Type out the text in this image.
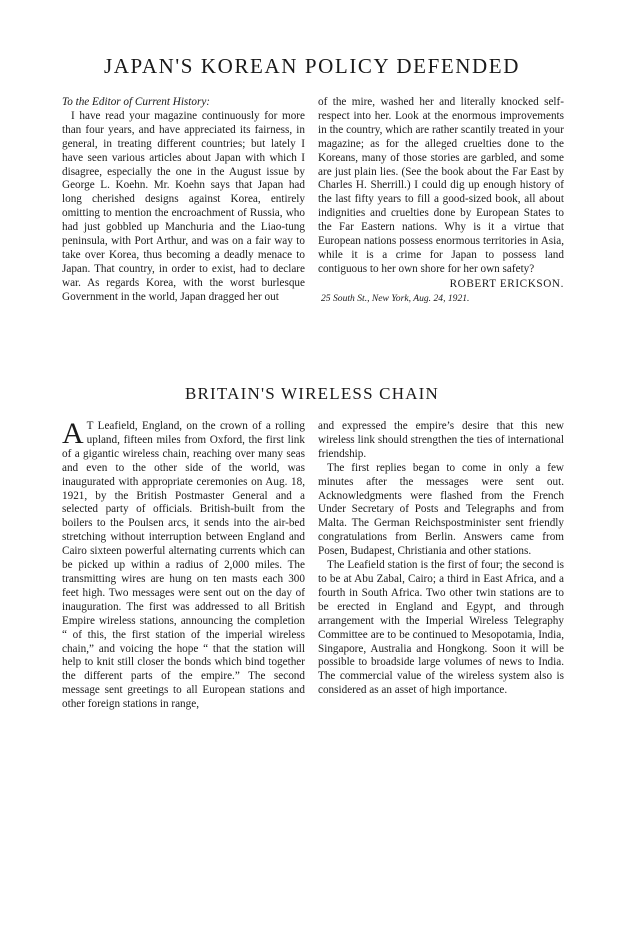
JAPAN'S KOREAN POLICY DEFENDED

To the Editor of Current History:

I have read your magazine continuously for more than four years, and have appreciated its fairness, in general, in treating different countries; but lately I have seen various articles about Japan with which I disagree, especially the one in the August issue by George L. Koehn. Mr. Koehn says that Japan had long cherished designs against Korea, entirely omitting to mention the encroachment of Russia, who had just gobbled up Manchuria and the Liao-tung peninsula, with Port Arthur, and was on a fair way to take over Korea, thus becoming a deadly menace to Japan. That country, in order to exist, had to declare war. As regards Korea, with the worst burlesque Government in the world, Japan dragged her out

of the mire, washed her and literally knocked self-respect into her. Look at the enormous improvements in the country, which are rather scantily treated in your magazine; as for the alleged cruelties done to the Koreans, many of those stories are garbled, and some are just plain lies. (See the book about the Far East by Charles H. Sherrill.) I could dig up enough history of the last fifty years to fill a good-sized book, all about indignities and cruelties done by European States to the Far Eastern nations. Why is it a virtue that European nations possess enormous territories in Asia, while it is a crime for Japan to possess land contiguous to her own shore for her own safety?

ROBERT ERICKSON.
25 South St., New York, Aug. 24, 1921.
BRITAIN'S WIRELESS CHAIN

A T Leafield, England, on the crown of a rolling upland, fifteen miles from Oxford, the first link of a gigantic wireless chain, reaching over many seas and even to the other side of the world, was inaugurated with appropriate ceremonies on Aug. 18, 1921, by the British Postmaster General and a selected party of officials. British-built from the boilers to the Poulsen arcs, it sends into the air-bed stretching without interruption between England and Cairo sixteen powerful alternating currents which can be picked up within a radius of 2,000 miles. The transmitting wires are hung on ten masts each 300 feet high. Two messages were sent out on the day of inauguration. The first was addressed to all British Empire wireless stations, announcing the completion “ of this, the first station of the imperial wireless chain,” and voicing the hope “ that the station will help to knit still closer the bonds which bind together the different parts of the empire.” The second message sent greetings to all European stations and other foreign stations in range,

and expressed the empire’s desire that this new wireless link should strengthen the ties of international friendship.

The first replies began to come in only a few minutes after the messages were sent out. Acknowledgments were flashed from the French Under Secretary of Posts and Telegraphs and from Malta. The German Reichspostminister sent friendly congratulations from Berlin. Answers came from Posen, Budapest, Christiania and other stations.

The Leafield station is the first of four; the second is to be at Abu Zabal, Cairo; a third in East Africa, and a fourth in South Africa. Two other twin stations are to be erected in England and Egypt, and through arrangement with the Imperial Wireless Telegraphy Committee are to be continued to Mesopotamia, India, Singapore, Australia and Hongkong. Soon it will be possible to broadside large volumes of news to India. The commercial value of the wireless system also is considered as an asset of high importance.
